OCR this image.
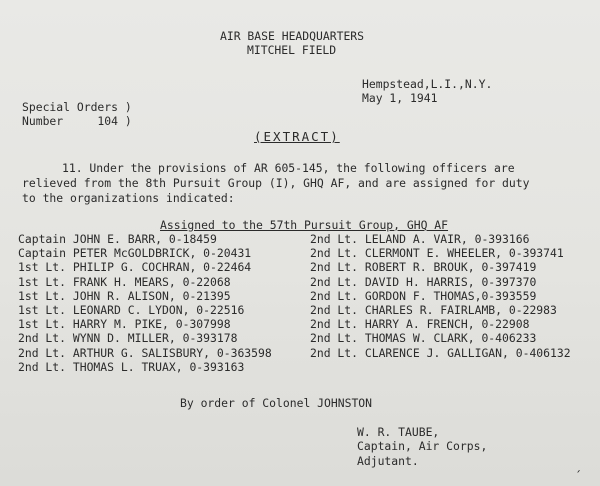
AIR BASE HEADQUARTERS
MITCHEL FIELD
Hempstead,L.I.,N.Y.
May 1, 1941
Special Orders )
Number     104 )
(EXTRACT)
11. Under the provisions of AR 605-145, the following officers are
relieved from the 8th Pursuit Group (I), GHQ AF, and are assigned for duty
to the organizations indicated:
Assigned to the 57th Pursuit Group, GHQ AF
Captain JOHN E. BARR, 0-18459
Captain PETER McGOLDBRICK, 0-20431
1st Lt. PHILIP G. COCHRAN, 0-22464
1st Lt. FRANK H. MEARS, 0-22068
1st Lt. JOHN R. ALISON, 0-21395
1st Lt. LEONARD C. LYDON, 0-22516
1st Lt. HARRY M. PIKE, 0-307998
2nd Lt. WYNN D. MILLER, 0-393178
2nd Lt. ARTHUR G. SALISBURY, 0-363598
2nd Lt. THOMAS L. TRUAX, 0-393163
2nd Lt. LELAND A. VAIR, 0-393166
2nd Lt. CLERMONT E. WHEELER, 0-393741
2nd Lt. ROBERT R. BROUK, 0-397419
2nd Lt. DAVID H. HARRIS, 0-397370
2nd Lt. GORDON F. THOMAS,0-393559
2nd Lt. CHARLES R. FAIRLAMB, 0-22983
2nd Lt. HARRY A. FRENCH, 0-22908
2nd Lt. THOMAS W. CLARK, 0-406233
2nd Lt. CLARENCE J. GALLIGAN, 0-406132
By order of Colonel JOHNSTON
W. R. TAUBE,
Captain, Air Corps,
Adjutant.	ˏ
